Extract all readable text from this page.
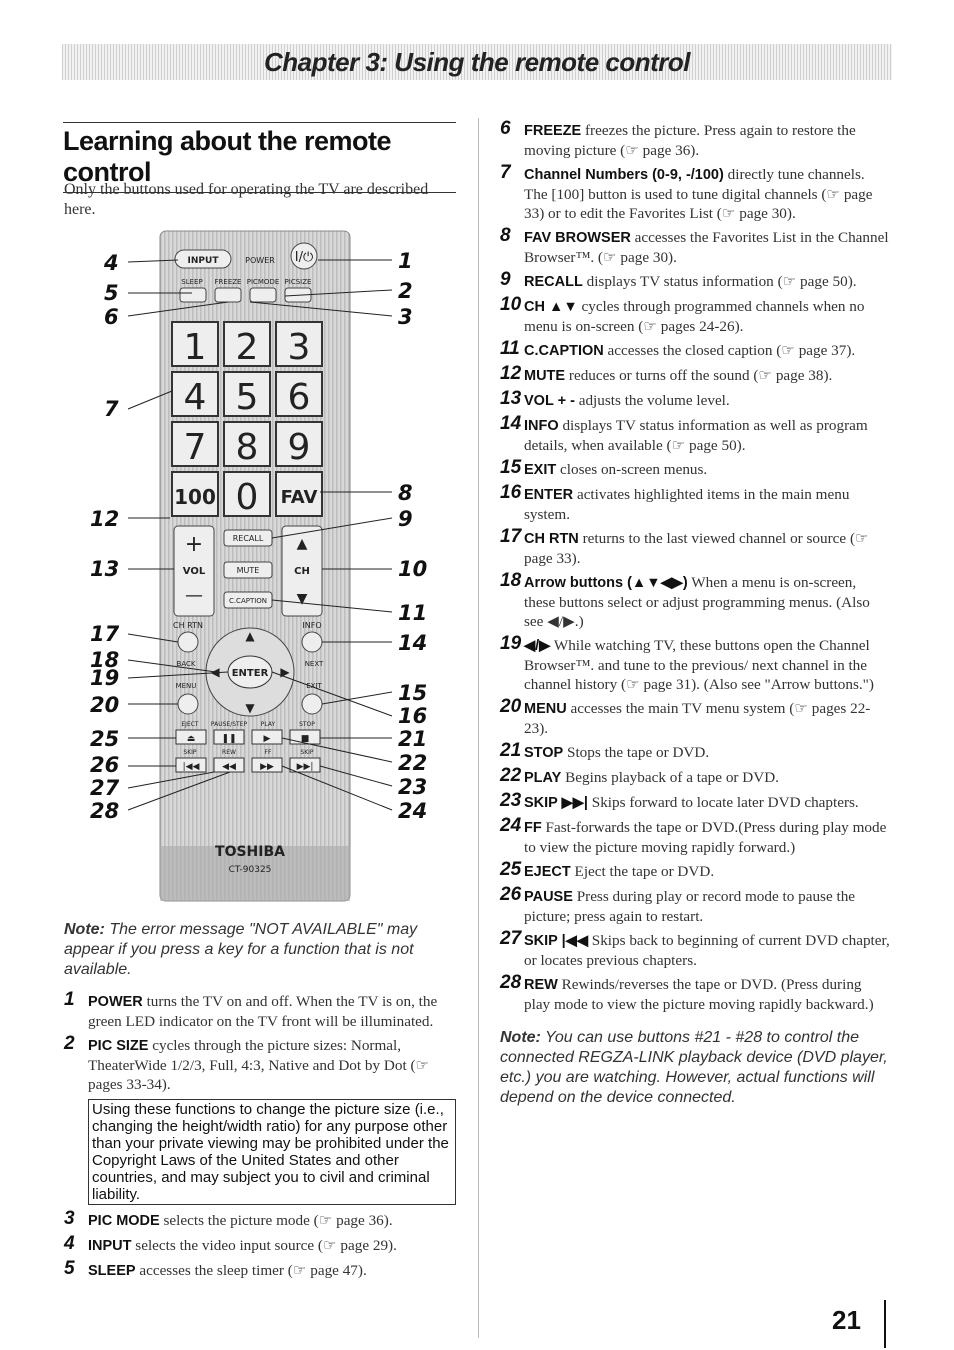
Chapter 3: Using the remote control
Learning about the remote control

Only the buttons used for operating the TV are described here.

INPUT	POWER I/⏻
SLEEP FREEZE PICMODE PICSIZE
1 2 3
4 5 6
7 8 9
100 0 FAV
+
VOL
—
RECALL
MUTE
C.CAPTION
▲
CH
▼
CH RTN	INFO
▲
▼
◀	▶
ENTER
BACK	NEXT
MENU	EXIT
EJECT PAUSE/STEP PLAY	STOP
⏏	❚❚	▶	■
SKIP	REW	FF	SKIP
|◀◀	◀◀	▶▶	▶▶|
TOSHIBA
CT-90325
4
5
6
7
12
13
17
18
19
20
25
26
27
28
1
2
3
8
9
10
11
14
15
16
21
22
23
24

Note: The error message "NOT AVAILABLE" may appear if you press a key for a function that is not available.

1 POWER turns the TV on and off. When the TV is on, the green LED indicator on the TV front will be illuminated.

2 PIC SIZE cycles through the picture sizes: Normal, TheaterWide 1/2/3, Full, 4:3, Native and Dot by Dot (☞ pages 33-34).

Using these functions to change the picture size (i.e., changing the height/width ratio) for any purpose other than your private viewing may be prohibited under the Copyright Laws of the United States and other countries, and may subject you to civil and criminal liability.

3 PIC MODE selects the picture mode (☞ page 36).

4 INPUT selects the video input source (☞ page 29).

5 SLEEP accesses the sleep timer (☞ page 47).

6 FREEZE freezes the picture. Press again to restore the moving picture (☞ page 36).

7 Channel Numbers (0-9, -/100) directly tune channels. The [100] button is used to tune digital channels (☞ page 33) or to edit the Favorites List (☞ page 30).

8 FAV BROWSER accesses the Favorites List in the Channel Browser™. (☞ page 30).

9 RECALL displays TV status information (☞ page 50).

10 CH ▲▼ cycles through programmed channels when no menu is on-screen (☞ pages 24-26).

11 C.CAPTION accesses the closed caption (☞ page 37).

12 MUTE reduces or turns off the sound (☞ page 38).

13 VOL + - adjusts the volume level.

14 INFO displays TV status information as well as program details, when available (☞ page 50).

15 EXIT closes on-screen menus.

16 ENTER activates highlighted items in the main menu system.

17 CH RTN returns to the last viewed channel or source (☞ page 33).

18 Arrow buttons (▲▼◀▶) When a menu is on-screen, these buttons select or adjust programming menus. (Also see ◀/▶.)

19 ◀/▶ While watching TV, these buttons open the Channel Browser™. and tune to the previous/ next channel in the channel history (☞ page 31). (Also see "Arrow buttons.")

20 MENU accesses the main TV menu system (☞ pages 22-23).

21 STOP Stops the tape or DVD.

22 PLAY Begins playback of a tape or DVD.

23 SKIP ▶▶| Skips forward to locate later DVD chapters.

24 FF Fast-forwards the tape or DVD.(Press during play mode to view the picture moving rapidly forward.)

25 EJECT Eject the tape or DVD.

26 PAUSE Press during play or record mode to pause the picture; press again to restart.

27 SKIP |◀◀ Skips back to beginning of current DVD chapter, or locates previous chapters.

28 REW Rewinds/reverses the tape or DVD. (Press during play mode to view the picture moving rapidly backward.)

Note: You can use buttons #21 - #28 to control the connected REGZA-LINK playback device (DVD player, etc.) you are watching. However, actual functions will depend on the device connected.

21
